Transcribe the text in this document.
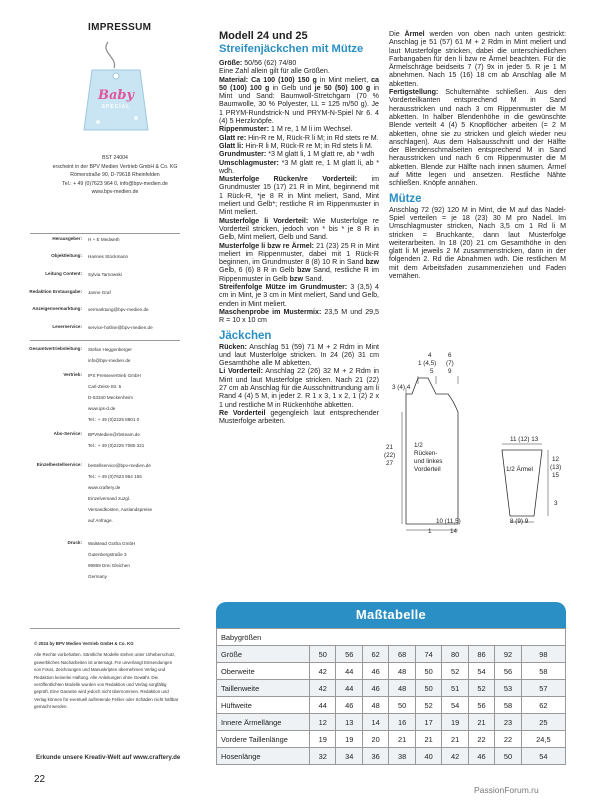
IMPRESSUM
Baby
SPECIAL
BST 24004
erscheint in der BPV Medien Vertrieb GmbH & Co. KG
Römerstraße 90, D-79618 Rheinfelden
Tel.: + 49 (0)7623 964 0, info@bpv-medien.de
www.bpv-medien.de
Herausgeber: H + E Medweth
Objektleitung: Hannes Stockmann
Leitung Content: Sylvia Tarnowski
Redaktion Erstausgabe: Janne Graf
Anzeigenvermarktung: vermarktung@bpv-medien.de
Leserservice: service-hotline@bpv-medien.de
Gesamtvertriebsleitung: Stefan Heggenberger
info@bpv-medien.de
Vertrieb: IPS Pressevertrieb GmbH
Carl-Zeiss-Str. 5
D-53340 Meckenheim
www.ips-d.de
Tel.: + 49 (0)2225 8801 0
Abo-Service: BPVMedien@rbsteam.de
Tel.: + 49 (0)2225 7085 321
Einzelbestellservice: bestellservice@bpv-medien.de
Tel.: + 49 (0)7623 964 155
www.craftery.de
Einzelversand zuzgl.
Versandkosten, Auslandspreise
auf Anfrage.
Druck: Walstead Gotha GmbH
Gutenbergstraße 3
99869 Drei Gleichen
Germany
© 2024 by BPV Medien Vertrieb GmbH & Co. KG
Alle Rechte vorbehalten. Sämtliche Modelle stehen unter Urheberschutz, gewerbliches Nacharbeiten ist untersagt. Für unverlangt Einsendungen von Fotos, Zeichnungen und Manuskripten übernehmen Verlag und Redaktion keinerlei Haftung. Alle Anleitungen ohne Gewähr. Die veröffentlichten Modelle wurden von Redaktion und Verlag sorgfältig geprüft. Eine Garantie wird jedoch nicht übernommen. Redaktion und Verlag können für eventuell auftretende Fehler oder Schäden nicht haftbar gemacht werden.
Erkunde unsere Kreativ-Welt auf www.craftery.de
22
Modell 24 und 25
Streifenjäckchen mit Mütze

Größe: 50/56 (62) 74/80
Eine Zahl allein gilt für alle Größen.

Material: Ca 100 (100) 150 g in Mint meliert, ca 50 (100) 100 g in Gelb und je 50 (50) 100 g in Mint und Sand: Baumwoll-Stretchgarn (70 % Baumwolle, 30 % Polyester, LL = 125 m/50 g). Je 1 PRYM-Rundstrick-N und PRYM-N-Spiel Nr 6. 4 (4) 5 Herzknöpfe.

Rippenmuster: 1 M re, 1 M li im Wechsel.

Glatt re: Hin-R re M, Rück-R li M; in Rd stets re M.

Glatt li: Hin-R li M, Rück-R re M; in Rd stets li M.

Grundmuster: *3 M glatt li, 1 M glatt re, ab * wdh

Umschlagmuster: *3 M glatt re, 1 M glatt li, ab * wdh.

Musterfolge Rücken/re Vorderteil: im Grundmuster 15 (17) 21 R in Mint, beginnend mit 1 Rück-R, *je 8 R in Mint meliert, Sand, Mint meliert und Gelb*; restliche R im Rippenmuster in Mint meliert.

Musterfolge li Vorderteil: Wie Musterfolge re Vorderteil stricken, jedoch von * bis * je 8 R in Gelb, Mint meliert, Gelb und Sand.

Musterfolge li bzw re Ärmel: 21 (23) 25 R in Mint meliert im Rippenmuster, dabei mit 1 Rück-R beginnen, im Grundmuster 8 (8) 10 R in Sand bzw Gelb, 6 (6) 8 R in Gelb bzw Sand, restliche R im Rippenmuster in Gelb bzw Sand.

Streifenfolge Mütze im Grundmuster: 3 (3,5) 4 cm in Mint, je 3 cm in Mint meliert, Sand und Gelb, enden in Mint meliert.

Maschenprobe im Mustermix: 23,5 M und 29,5 R = 10 x 10 cm

Jäckchen

Rücken: Anschlag 51 (59) 71 M + 2 Rdm in Mint und laut Musterfolge stricken. In 24 (26) 31 cm Gesamthöhe alle M abketten.

Li Vorderteil: Anschlag 22 (26) 32 M + 2 Rdm in Mint und laut Musterfolge stricken. Nach 21 (22) 27 cm ab Anschlag für die Ausschnittrundung am li Rand 4 (4) 5 M, in jeder 2. R 1 x 3, 1 x 2, 1 (2) 2 x 1 und restliche M in Rückenhöhe abketten.

Re Vorderteil gegengleich laut entsprechender Musterfolge arbeiten.

Die Ärmel werden von oben nach unten gestrickt: Anschlag je 51 (57) 61 M + 2 Rdm in Mint meliert und laut Musterfolge stricken, dabei die unterschiedlichen Farbangaben für den li bzw re Ärmel beachten. Für die Ärmelschräge beidseits 7 (7) 9x in jeder 5. R je 1 M abnehmen. Nach 15 (16) 18 cm ab Anschlag alle M abketten.

Fertigstellung: Schulternähte schließen. Aus den Vorderteilkanten entsprechend M in Sand herausstricken und nach 3 cm Rippenmuster die M abketten. In halber Blendenhöhe in die gewünschte Blende verteilt 4 (4) 5 Knopflöcher arbeiten (= 2 M abketten, ohne sie zu stricken und gleich wieder neu anschlagen). Aus dem Halsausschnitt und der Hälfte der Blendenschmalseiten entsprechend M in Sand herausstricken und nach 6 cm Rippenmuster die M abketten. Blende zur Hälfte nach innen säumen. Ärmel auf Mitte legen und ansetzen. Restliche Nähte schließen. Knöpfe annähen.

Mütze

Anschlag 72 (92) 120 M in Mint, die M auf das Nadel-Spiel verteilen = je 18 (23) 30 M pro Nadel. Im Umschlagmuster stricken, Nach 3,5 cm 1 Rd li M stricken = Bruchkante, dann laut Musterfolge weiterarbeiten. In 18 (20) 21 cm Gesamthöhe in den glatt li M jeweils 2 M zusammenstricken, dann in der folgenden 2. Rd die Abnahmen wdh. Die restlichen M mit dem Arbeitsfaden zusammenziehen und Faden vernähen.

4
1 (4,5)
6
(7)
5 9
3 (4) 4
21
(22)
27
1/2
Rücken-
und linkes
Vorderteil
10 (11,5)
1	14
11 (12) 13
1/2 Ärmel
12
(13)
15
3
8 (9) 9
Maßtabelle
Babygrößen									
Größe	50	56	62	68	74	80	86	92	98
Oberweite	42	44	46	48	50	52	54	56	58
Taillenweite	42	44	46	48	50	51	52	53	57
Hüftweite	44	46	48	50	52	54	56	58	62
Innere Ärmellänge	12	13	14	16	17	19	21	23	25
Vordere Taillenlänge	19	19	20	21	21	21	22	22	24,5
Hosenlänge	32	34	36	38	40	42	46	50	54
PassionForum.ru
